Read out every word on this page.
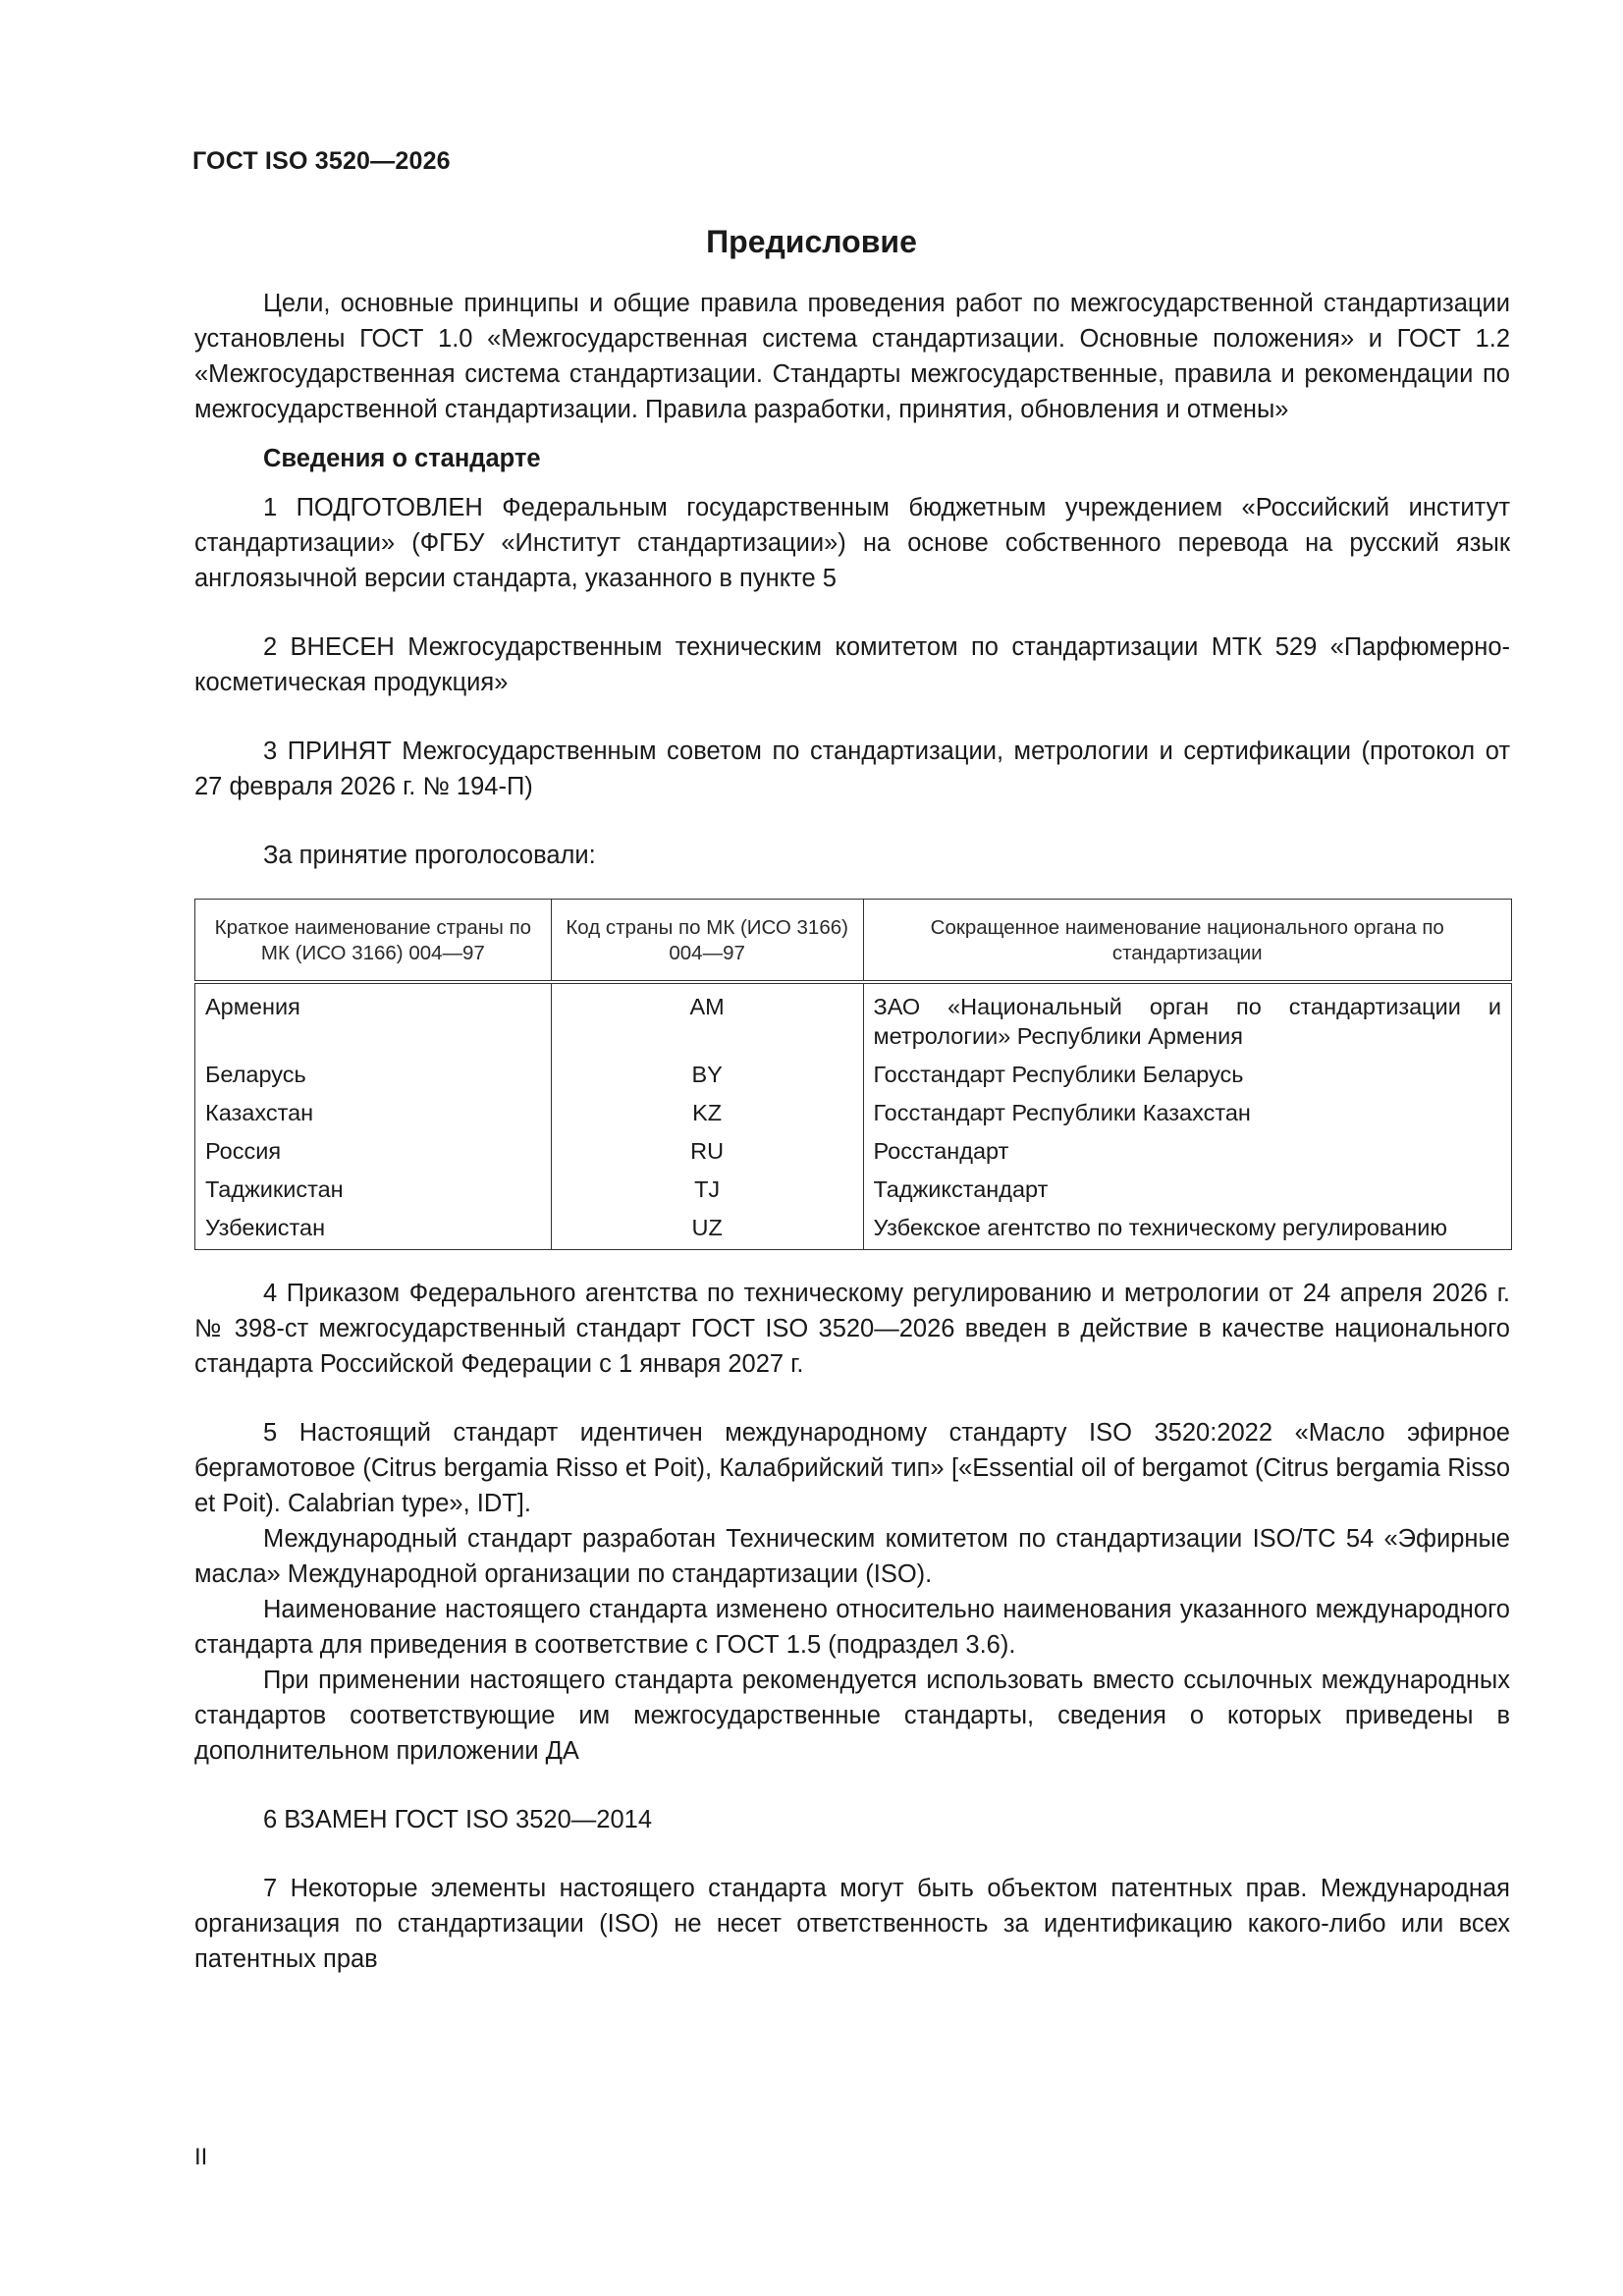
ГОСТ ISO 3520—2026
Предисловие

Цели, основные принципы и общие правила проведения работ по межгосударственной стандартизации установлены ГОСТ 1.0 «Межгосударственная система стандартизации. Основные положения» и ГОСТ 1.2 «Межгосударственная система стандартизации. Стандарты межгосударственные, правила и рекомендации по межгосударственной стандартизации. Правила разработки, принятия, обновления и отмены»

Сведения о стандарте

1 ПОДГОТОВЛЕН Федеральным государственным бюджетным учреждением «Российский институт стандартизации» (ФГБУ «Институт стандартизации») на основе собственного перевода на русский язык англоязычной версии стандарта, указанного в пункте 5

2 ВНЕСЕН Межгосударственным техническим комитетом по стандартизации МТК 529 «Парфюмерно-косметическая продукция»

3 ПРИНЯТ Межгосударственным советом по стандартизации, метрологии и сертификации (протокол от 27 февраля 2026 г. № 194-П)

За принятие проголосовали:

Краткое наименование страны по МК (ИСО 3166) 004—97	Код страны по МК (ИСО 3166) 004—97	Сокращенное наименование национального органа по стандартизации
Армения	AM	ЗАО «Национальный орган по стандартизации и метрологии» Республики Армения
Беларусь	BY	Госстандарт Республики Беларусь
Казахстан	KZ	Госстандарт Республики Казахстан
Россия	RU	Росстандарт
Таджикистан	TJ	Таджикстандарт
Узбекистан	UZ	Узбекское агентство по техническому регулированию

4 Приказом Федерального агентства по техническому регулированию и метрологии от 24 апреля 2026 г. № 398-ст межгосударственный стандарт ГОСТ ISO 3520—2026 введен в действие в качестве национального стандарта Российской Федерации с 1 января 2027 г.

5 Настоящий стандарт идентичен международному стандарту ISO 3520:2022 «Масло эфирное бергамотовое (Citrus bergamia Risso et Poit), Калабрийский тип» [«Essential oil of bergamot (Citrus bergamia Risso et Poit). Calabrian type», IDT].

Международный стандарт разработан Техническим комитетом по стандартизации ISO/TC 54 «Эфирные масла» Международной организации по стандартизации (ISO).

Наименование настоящего стандарта изменено относительно наименования указанного международного стандарта для приведения в соответствие с ГОСТ 1.5 (подраздел 3.6).

При применении настоящего стандарта рекомендуется использовать вместо ссылочных международных стандартов соответствующие им межгосударственные стандарты, сведения о которых приведены в дополнительном приложении ДА

6 ВЗАМЕН ГОСТ ISO 3520—2014

7 Некоторые элементы настоящего стандарта могут быть объектом патентных прав. Международная организация по стандартизации (ISO) не несет ответственность за идентификацию какого-либо или всех патентных прав

II
